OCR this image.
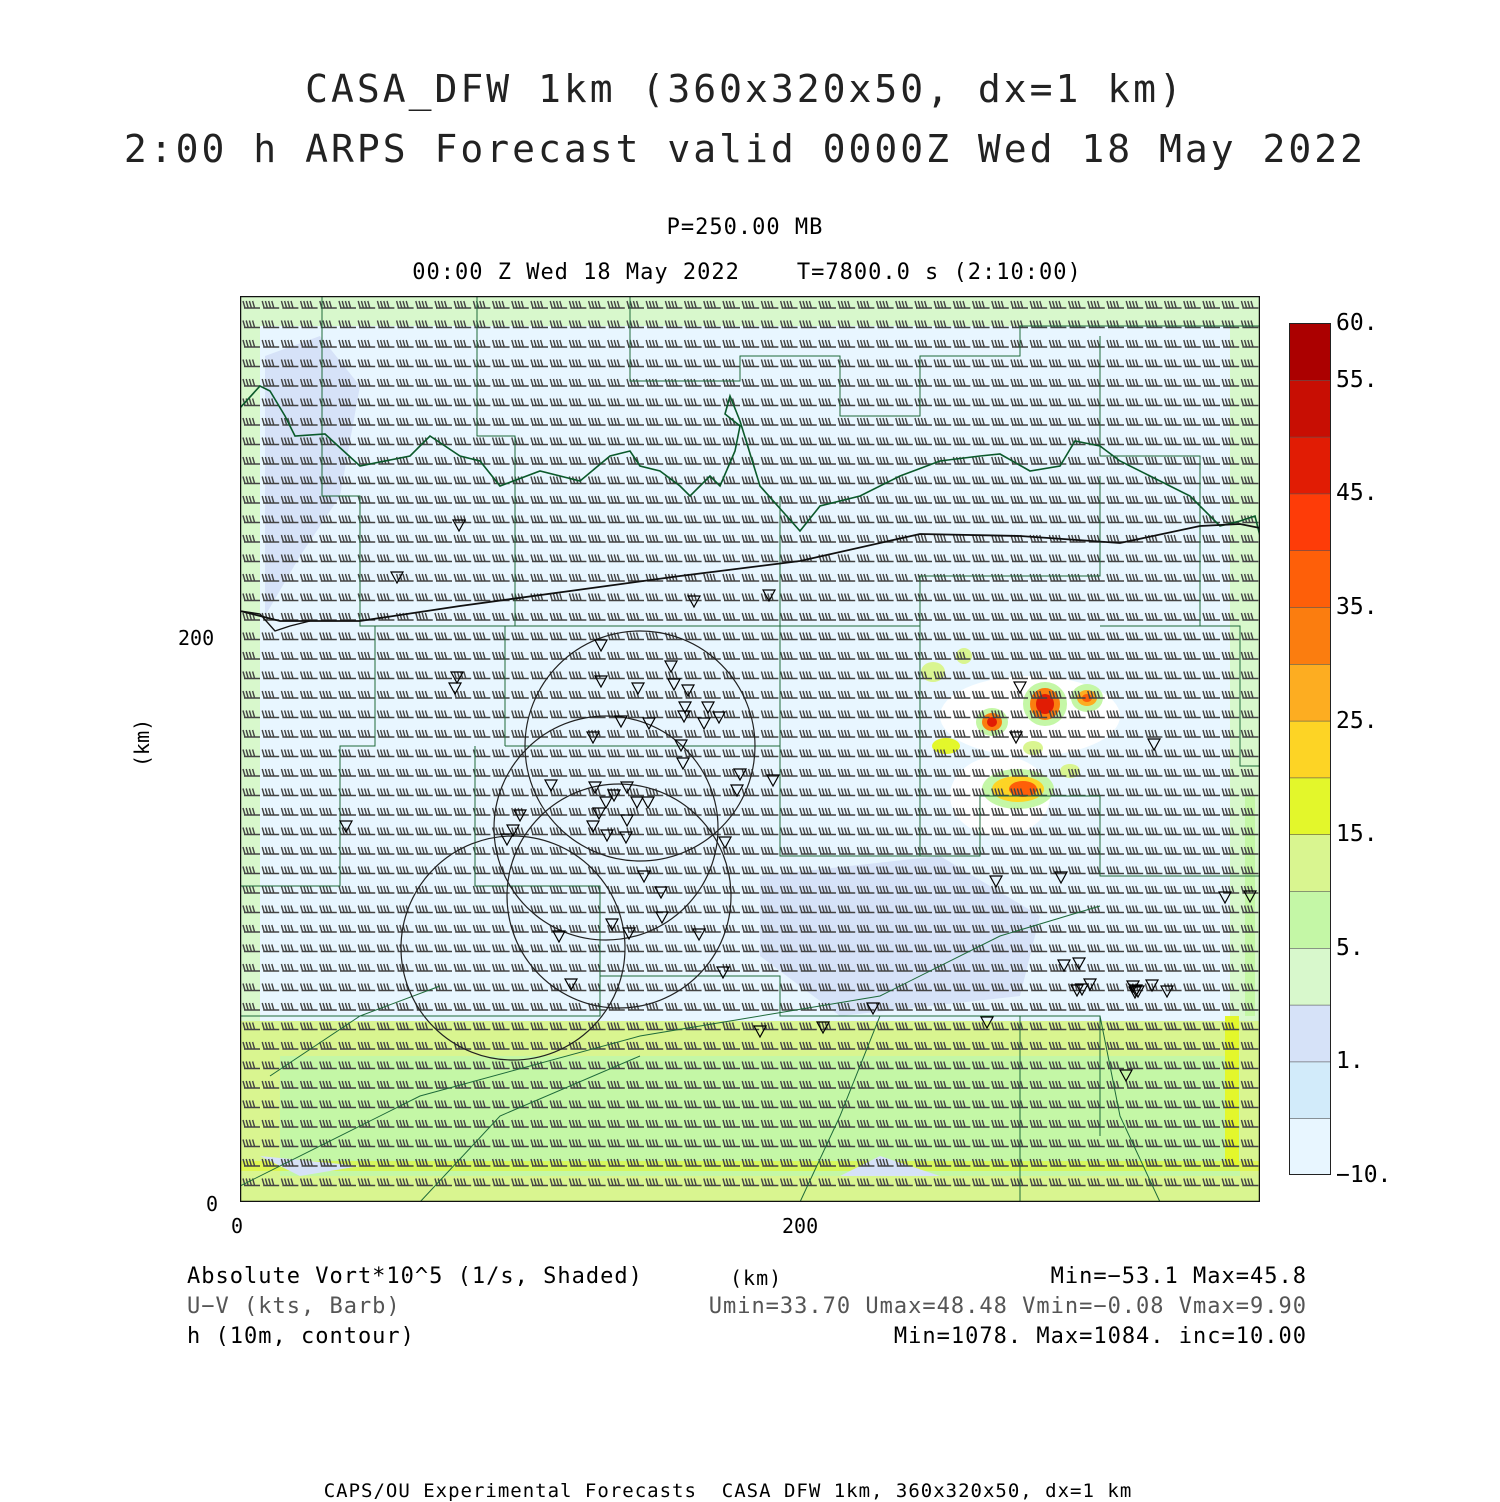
CASA_DFW 1km (360x320x50, dx=1 km)
2:00 h ARPS Forecast valid 0000Z Wed 18 May 2022
P=250.00 MB
00:00 Z Wed 18 May 2022    T=7800.0 s (2:10:00)
200
0
0	200
(km)
60.
55.
45.
35.
25.
15.
5.
1.
−10.
Absolute Vort*10^5 (1/s, Shaded)	(km)	Min=−53.1 Max=45.8
U−V (kts, Barb)	Umin=33.70 Umax=48.48 Vmin=−0.08 Vmax=9.90
h (10m, contour)	Min=1078. Max=1084. inc=10.00
CAPS/OU Experimental Forecasts  CASA DFW 1km, 360x320x50, dx=1 km
